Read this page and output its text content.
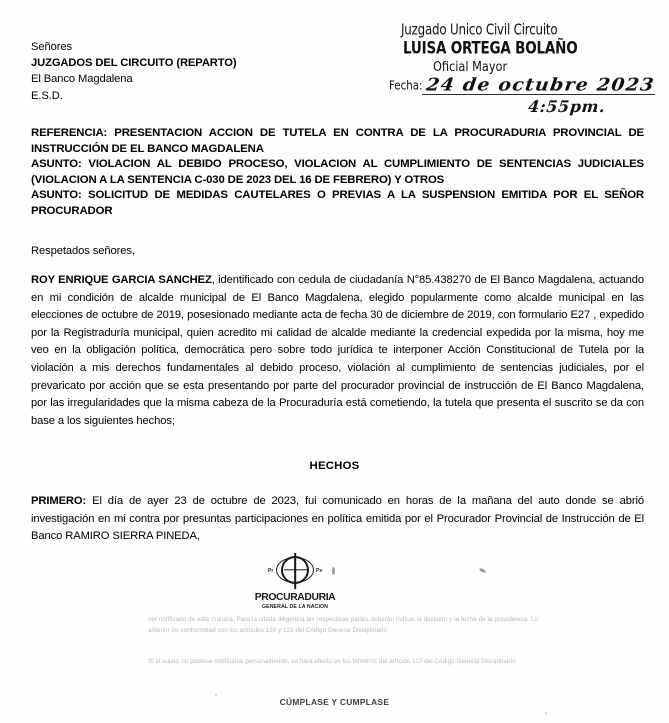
Señores
JUZGADOS DEL CIRCUITO (REPARTO)
El Banco Magdalena
E.S.D.
Juzgado Unico Civil Circuito
LUISA ORTEGA BOLAÑO
Oficial Mayor
Fecha: 24 de octubre 2023
4:55pm.

REFERENCIA: PRESENTACION ACCION DE TUTELA EN CONTRA DE LA PROCURADURIA PROVINCIAL DE INSTRUCCIÓN DE EL BANCO MAGDALENA

ASUNTO: VIOLACION AL DEBIDO PROCESO, VIOLACION AL CUMPLIMIENTO DE SENTENCIAS JUDICIALES (VIOLACION A LA SENTENCIA C-030 DE 2023 DEL 16 DE FEBRERO) Y OTROS

ASUNTO: SOLICITUD DE MEDIDAS CAUTELARES O PREVIAS A LA SUSPENSION EMITIDA POR EL SEÑOR PROCURADOR

Respetados señores,
ROY ENRIQUE GARCIA SANCHEZ, identificado con cedula de ciudadanía N°85.438270 de El Banco Magdalena, actuando en mi condición de alcalde municipal de El Banco Magdalena, elegido popularmente como alcalde municipal en las elecciones de octubre de 2019, posesionado mediante acta de fecha 30 de diciembre de 2019, con formulario E27 , expedido por la Registraduría municipal, quien acredito mi calidad de alcalde mediante la credencial expedida por la misma, hoy me veo en la obligación política, democrática pero sobre todo jurídica te interponer Acción Constitucional de Tutela por la violación a mis derechos fundamentales al debido proceso, violación al cumplimiento de sentencias judiciales, por el prevaricato por acción que se esta presentando por parte del procurador provincial de instrucción de El Banco Magdalena, por las irregularidades que la misma cabeza de la Procuraduría está cometiendo, la tutela que presenta el suscrito se da con base a los siguientes hechos;
HECHOS
PRIMERO: El día de ayer 23 de octubre de 2023, fui comunicado en horas de la mañana del auto donde se abrió investigación en mi contra por presuntas participaciones en política emitida por el Procurador Provincial de Instrucción de El Banco RAMIRO SIERRA PINEDA,
Pr	Px
PROCURADURIA
GENERAL DE LA NACION
ser notificado de esta manera. Para la citada diligencia las respectivas partes deberán indicar la decisión y la fecha de la providencia. Lo anterior de conformidad con los artículos 120 y 122 del Código General Disciplinario
Si el sujeto no pudiese notificarse personalmente, se hará efecto en los términos del artículo 113 del Código General Disciplinario
CÚMPLASE Y CUMPLASE
